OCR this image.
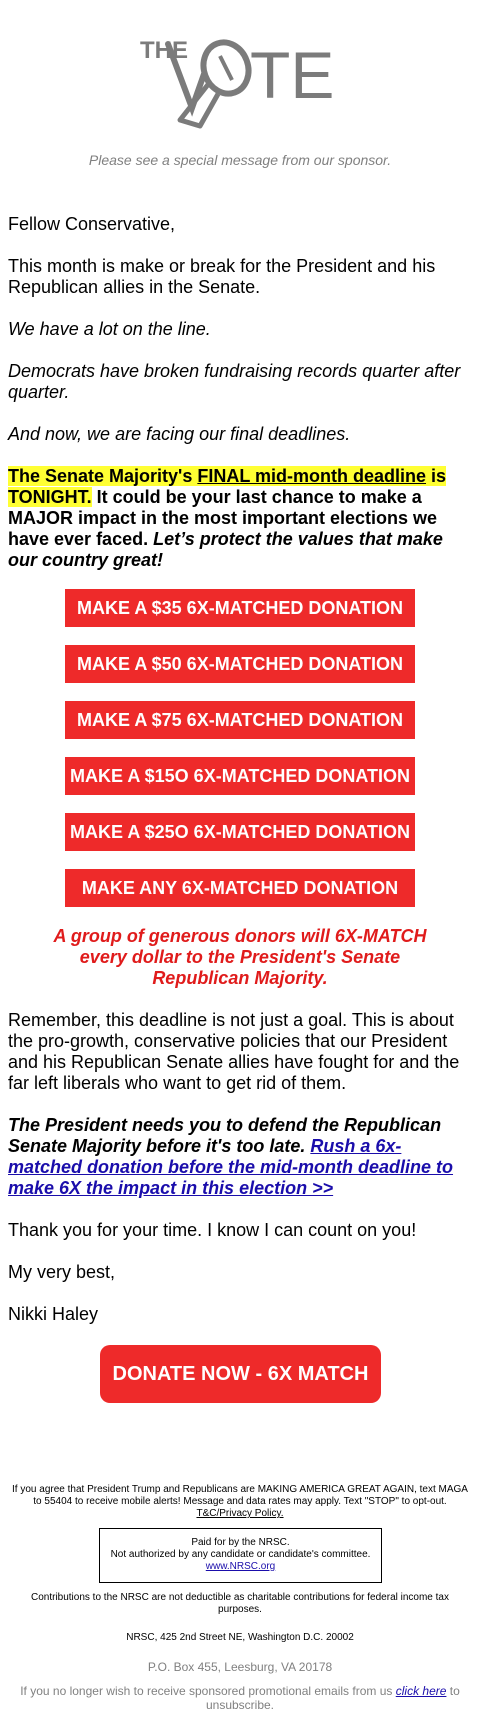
THE TE
Please see a special message from our sponsor.
Fellow Conservative,
This month is make or break for the President and his Republican allies in the Senate.
We have a lot on the line.
Democrats have broken fundraising records quarter after quarter.
And now, we are facing our final deadlines.
The Senate Majority's FINAL mid-month deadline is TONIGHT. It could be your last chance to make a MAJOR impact in the most important elections we have ever faced. Let’s protect the values that make our country great!
MAKE A $35 6X-MATCHED DONATION
MAKE A $50 6X-MATCHED DONATION
MAKE A $75 6X-MATCHED DONATION
MAKE A $15O 6X-MATCHED DONATION
MAKE A $25O 6X-MATCHED DONATION
MAKE ANY 6X-MATCHED DONATION
A group of generous donors will 6X-MATCH every dollar to the President's Senate Republican Majority.
Remember, this deadline is not just a goal. This is about the pro-growth, conservative policies that our President and his Republican Senate allies have fought for and the far left liberals who want to get rid of them.
The President needs you to defend the Republican Senate Majority before it's too late. Rush a 6x-matched donation before the mid-month deadline to make 6X the impact in this election >>
Thank you for your time. I know I can count on you!
My very best,
Nikki Haley
DONATE NOW - 6X MATCH
If you agree that President Trump and Republicans are MAKING AMERICA GREAT AGAIN, text MAGA to 55404 to receive mobile alerts! Message and data rates may apply. Text "STOP" to opt-out.
T&C/Privacy Policy.
Paid for by the NRSC.
Not authorized by any candidate or candidate's committee.
www.NRSC.org
Contributions to the NRSC are not deductible as charitable contributions for federal income tax purposes.
NRSC, 425 2nd Street NE, Washington D.C. 20002
P.O. Box 455, Leesburg, VA 20178
If you no longer wish to receive sponsored promotional emails from us click here to unsubscribe.
